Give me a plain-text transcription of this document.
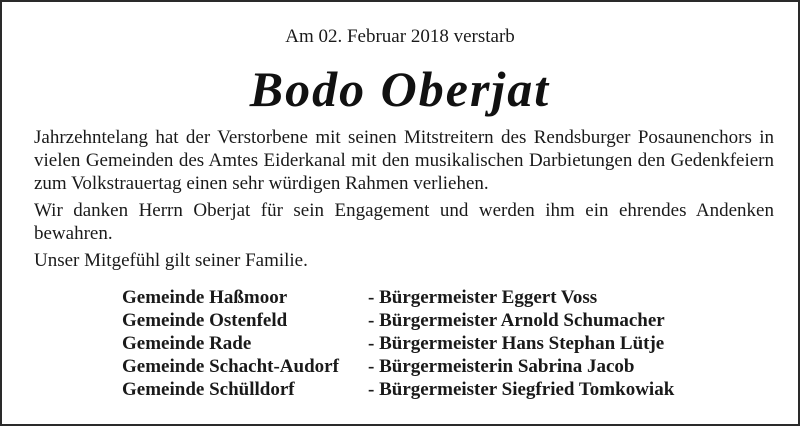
Am 02. Februar 2018 verstarb
Bodo Oberjat

Jahrzehntelang hat der Verstorbene mit seinen Mitstreitern des Rendsburger Posaunenchors in vielen Gemeinden des Amtes Eiderkanal mit den musikalischen Darbietungen den Gedenkfeiern zum Volkstrauertag einen sehr würdigen Rahmen verliehen.

Wir danken Herrn Oberjat für sein Engagement und werden ihm ein ehrendes Andenken bewahren.

Unser Mitgefühl gilt seiner Familie.

Gemeinde Haßmoor	- Bürgermeister Eggert Voss
Gemeinde Ostenfeld	- Bürgermeister Arnold Schumacher
Gemeinde Rade	- Bürgermeister Hans Stephan Lütje
Gemeinde Schacht-Audorf	- Bürgermeisterin Sabrina Jacob
Gemeinde Schülldorf	- Bürgermeister Siegfried Tomkowiak
